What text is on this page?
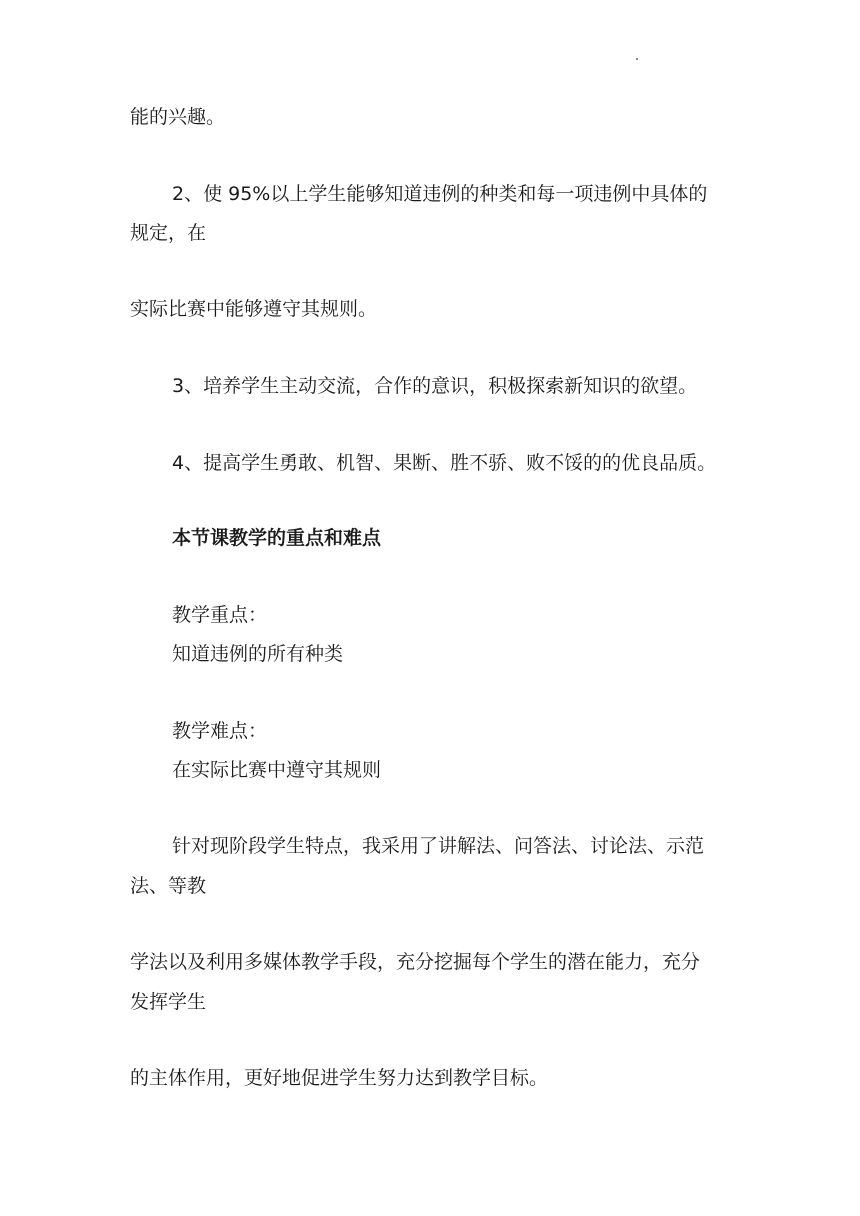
能的兴趣。
2、使 95%以上学生能够知道违例的种类和每一项违例中具体的
规定，在
实际比赛中能够遵守其规则。
3、培养学生主动交流，合作的意识，积极探索新知识的欲望。
4、提高学生勇敢、机智、果断、胜不骄、败不馁的的优良品质。
本节课教学的重点和难点
教学重点：
知道违例的所有种类
教学难点：
在实际比赛中遵守其规则
针对现阶段学生特点，我采用了讲解法、问答法、讨论法、示范
法、等教
学法以及利用多媒体教学手段，充分挖掘每个学生的潜在能力，充分
发挥学生
的主体作用，更好地促进学生努力达到教学目标。
